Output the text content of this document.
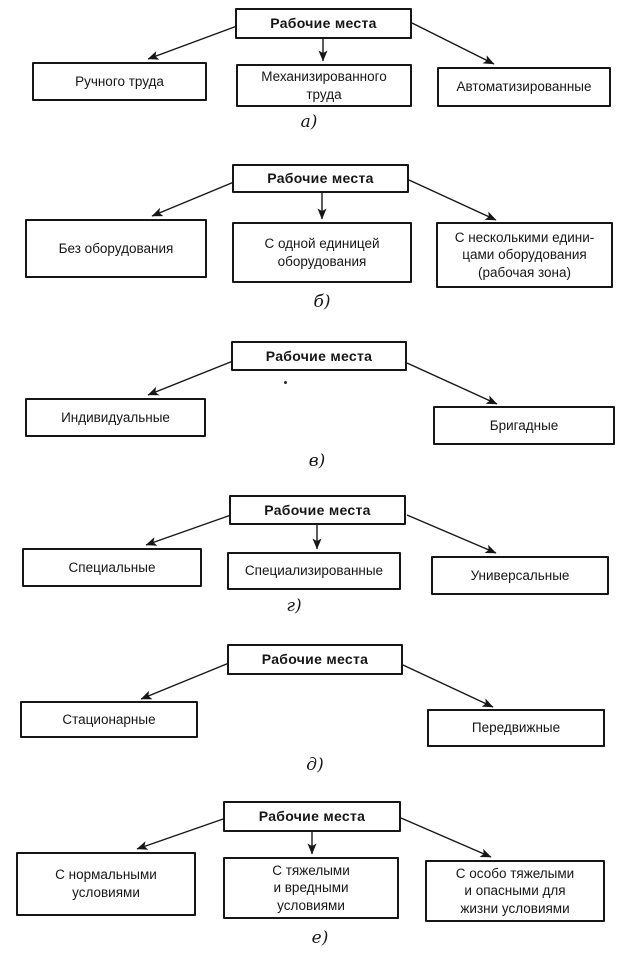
Рабочие места
Ручного труда	Механизированного
труда	Автоматизированные
а)
Рабочие места
Без оборудования	С одной единицей
оборудования
С несколькими едини-
цами оборудования
(рабочая зона)
б)
Рабочие места
Индивидуальные
Бригадные
в)
Рабочие места
Специальные	Специализированные	Универсальные
г)
Рабочие места
Стационарные
Передвижные
д)
Рабочие места
С нормальными
условиями
С тяжелыми
и вредными
условиями
С особо тяжелыми
и опасными для
жизни условиями
е)
